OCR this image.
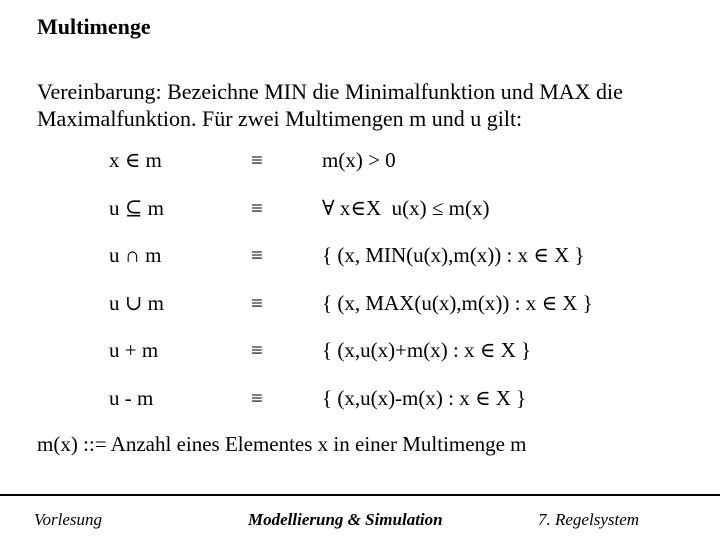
Multimenge
Vereinbarung: Bezeichne MIN die Minimalfunktion und MAX die Maximalfunktion. Für zwei Multimengen m und u gilt:
x ∈ m	≡	m(x) > 0
u ⊆ m	≡	∀ x∈X  u(x) ≤ m(x)
u ∩ m	≡	{ (x, MIN(u(x),m(x)) : x ∈ X }
u ∪ m	≡	{ (x, MAX(u(x),m(x)) : x ∈ X }
u + m	≡	{ (x,u(x)+m(x) : x ∈ X }
u - m	≡	{ (x,u(x)-m(x) : x ∈ X }
m(x) ::= Anzahl eines Elementes x in einer Multimenge m
Vorlesung	Modellierung & Simulation	7. Regelsystem
